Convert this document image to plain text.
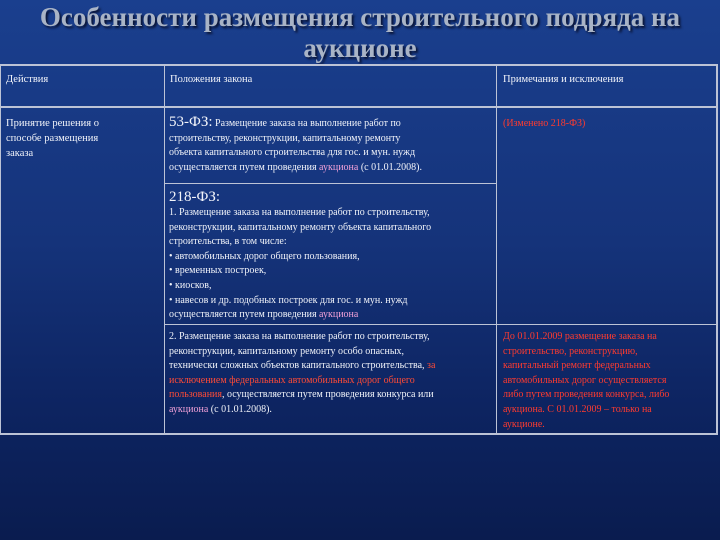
Особенности размещения строительного подряда на
аукционе
Действия	Положения закона	Примечания и исключения
Принятие решения о
способе размещения
заказа
53-ФЗ: Размещение заказа на выполнение работ по
строительству, реконструкции, капитальному ремонту
объекта капитального строительства для гос. и мун. нужд
осуществляется путем проведения аукциона (с 01.01.2008).
(Изменено 218-ФЗ)
218-ФЗ:
1. Размещение заказа на выполнение работ по строительству,
реконструкции, капитальному ремонту объекта капитального
строительства, в том числе:
• автомобильных дорог общего пользования,
• временных построек,
• киосков,
• навесов и др. подобных построек для гос. и мун. нужд
осуществляется путем проведения аукциона
2. Размещение заказа на выполнение работ по строительству,
реконструкции, капитальному ремонту особо опасных,
технически сложных объектов капитального строительства, за
исключением федеральных автомобильных дорог общего
пользования, осуществляется путем проведения конкурса или
аукциона (с 01.01.2008).
До 01.01.2009 размещение заказа на
строительство, реконструкцию,
капитальный ремонт федеральных
автомобильных дорог осуществляется
либо путем проведения конкурса, либо
аукциона. С 01.01.2009 – только на
аукционе.
